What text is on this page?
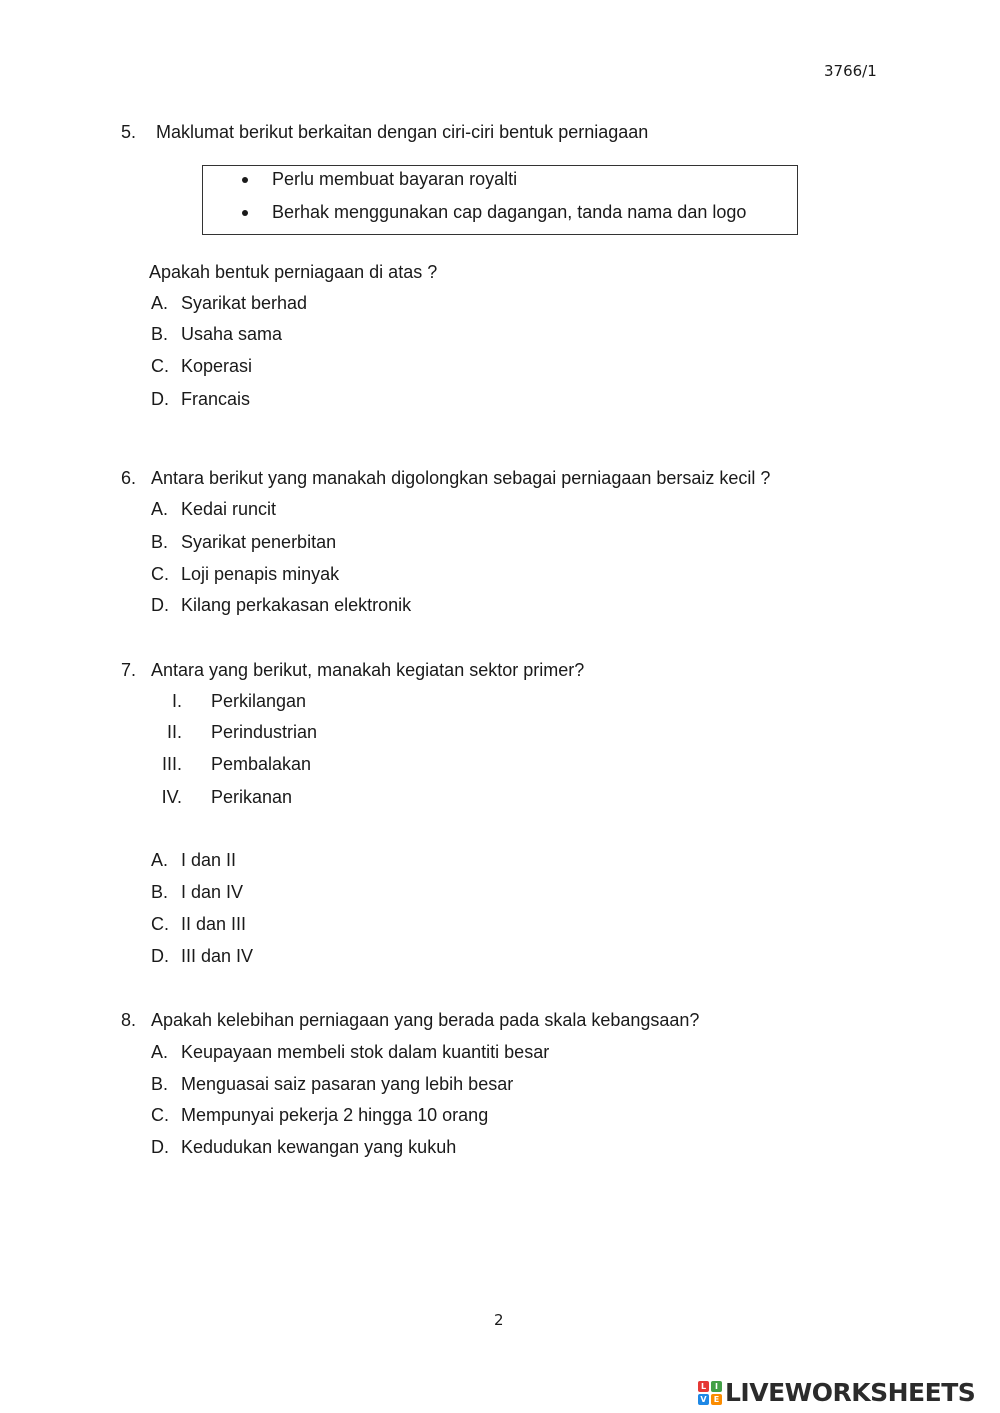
3766/1
5. Maklumat berikut berkaitan dengan ciri-ciri bentuk perniagaan
Perlu membuat bayaran royalti
Berhak menggunakan cap dagangan, tanda nama dan logo
Apakah bentuk perniagaan di atas ?
A. Syarikat berhad
B. Usaha sama
C. Koperasi
D. Francais
6. Antara berikut yang manakah digolongkan sebagai perniagaan bersaiz kecil ?
A. Kedai runcit
B. Syarikat penerbitan
C. Loji penapis minyak
D. Kilang perkakasan elektronik
7. Antara yang berikut, manakah kegiatan sektor primer?
I. Perkilangan
II. Perindustrian
III. Pembalakan
IV. Perikanan
A. I dan II
B. I dan IV
C. II dan III
D. III dan IV
8. Apakah kelebihan perniagaan yang berada pada skala kebangsaan?
A. Keupayaan membeli stok dalam kuantiti besar
B. Menguasai saiz pasaran yang lebih besar
C. Mempunyai pekerja 2 hingga 10 orang
D. Kedudukan kewangan yang kukuh
2
L	I
V E LIVEWORKSHEETS
